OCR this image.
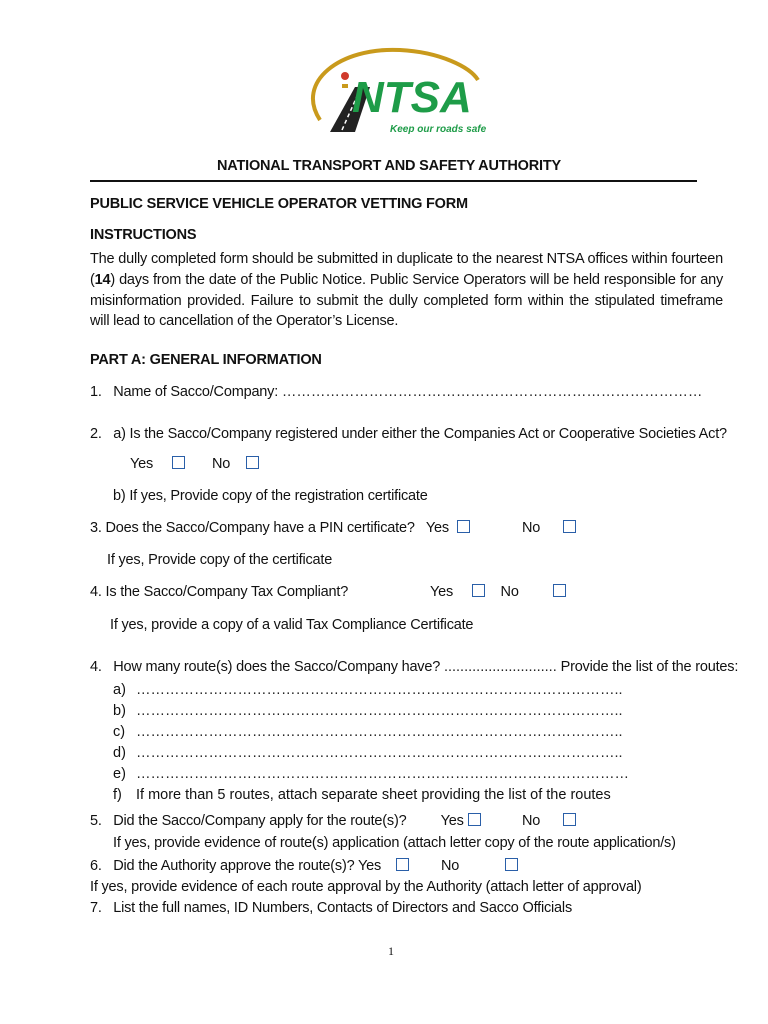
NTSA
Keep our roads safe
NATIONAL TRANSPORT AND SAFETY AUTHORITY
PUBLIC SERVICE VEHICLE OPERATOR VETTING FORM
INSTRUCTIONS
The dully completed form should be submitted in duplicate to the nearest NTSA offices within fourteen (14) days from the date of the Public Notice. Public Service Operators will be held responsible for any misinformation provided. Failure to submit the dully completed form within the stipulated timeframe will lead to cancellation of the Operator’s License.
PART A: GENERAL INFORMATION
1. Name of Sacco/Company: ……………………………………………………………………………
2. a) Is the Sacco/Company registered under either the Companies Act or Cooperative Societies Act?
Yes	No
b) If yes, Provide copy of the registration certificate
3. Does the Sacco/Company have a PIN certificate? Yes	No
If yes, Provide copy of the certificate
4. Is the Sacco/Company Tax Compliant?	Yes	No
If yes, provide a copy of a valid Tax Compliance Certificate
4. How many route(s) does the Sacco/Company have? ............................ Provide the list of the routes:
a) ………………………………………………………………………………………..
b) ………………………………………………………………………………………..
c) ………………………………………………………………………………………..
d) ………………………………………………………………………………………..
e) …………………………………………………………………………………………
f) If more than 5 routes, attach separate sheet providing the list of the routes
5. Did the Sacco/Company apply for the route(s)? Yes	No
If yes, provide evidence of route(s) application (attach letter copy of the route application/s)
6. Did the Authority approve the route(s)? Yes	No
If yes, provide evidence of each route approval by the Authority (attach letter of approval)
7. List the full names, ID Numbers, Contacts of Directors and Sacco Officials
1
